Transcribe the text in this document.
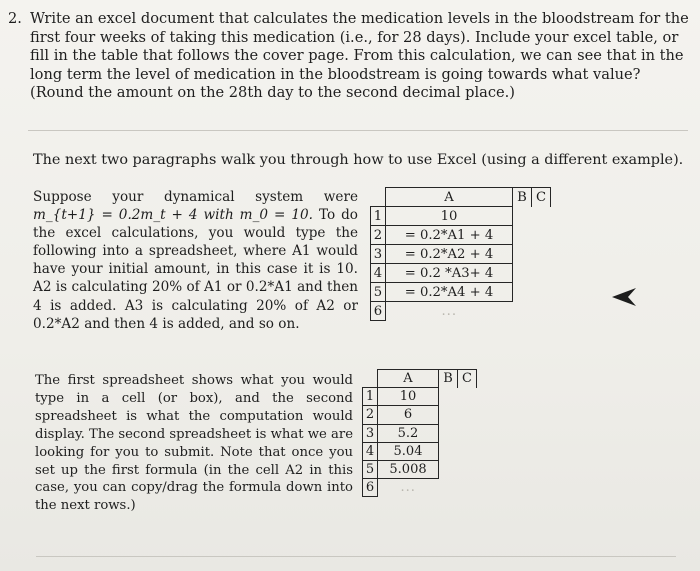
2. Write an excel document that calculates the medication levels in the bloodstream for the first four weeks of taking this medication (i.e., for 28 days). Include your excel table, or fill in the table that follows the cover page. From this calculation, we can see that in the long term the level of medication in the bloodstream is going towards what value? (Round the amount on the 28th day to the second decimal place.)
The next two paragraphs walk you through how to use Excel (using a different example).
Suppose your dynamical system were m_{t+1} = 0.2m_t + 4 with m_0 = 10. To do the excel calculations, you would type the following into a spreadsheet, where A1 would have your initial amount, in this case it is 10. A2 is calculating 20% of A1 or 0.2*A1 and then 4 is added. A3 is calculating 20% of A2 or 0.2*A2 and then 4 is added, and so on.
	A	B	C
1	10		
2	= 0.2*A1 + 4		
3	= 0.2*A2 + 4		
4	= 0.2 *A3+ 4		
5	= 0.2*A4 + 4		
6	...		
The first spreadsheet shows what you would type in a cell (or box), and the second spreadsheet is what the computation would display. The second spreadsheet is what we are looking for you to submit. Note that once you set up the first formula (in the cell A2 in this case, you can copy/drag the formula down into the next rows.)
	A	B	C
1	10		
2	6		
3	5.2		
4	5.04		
5	5.008		
6	...		
